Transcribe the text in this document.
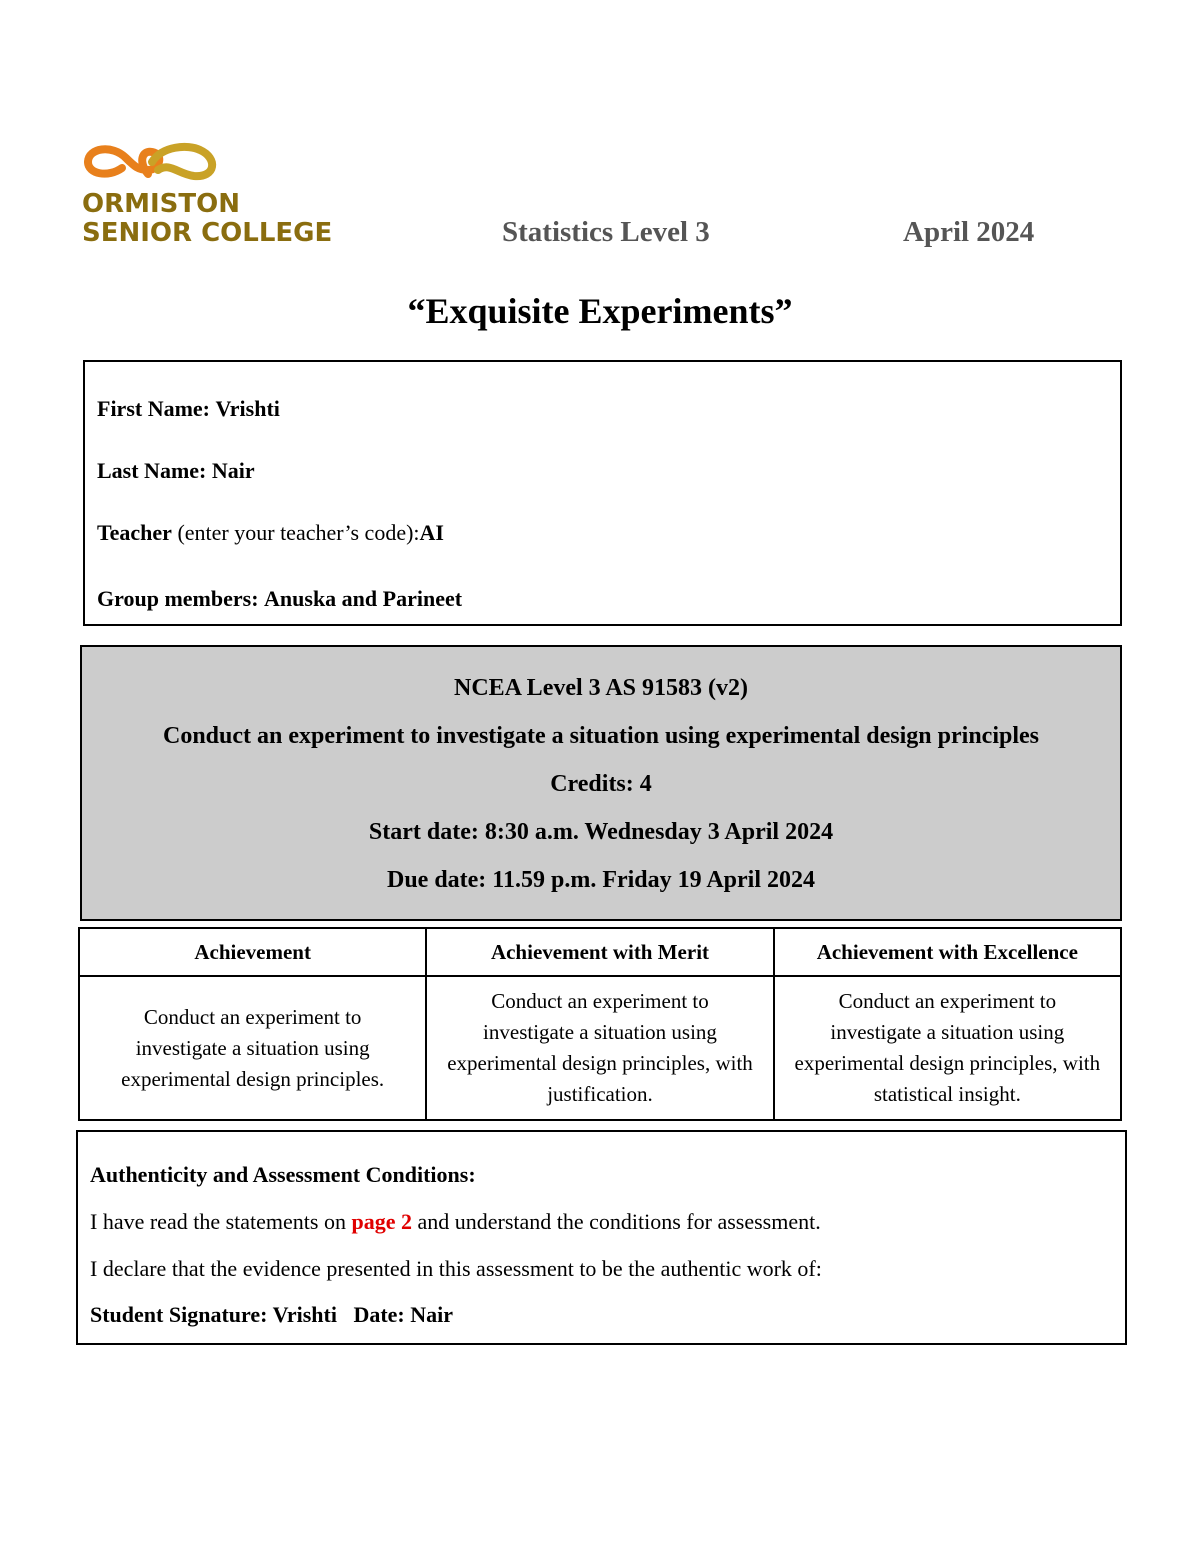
ORMISTON
SENIOR COLLEGE	Statistics Level 3	April 2024
“Exquisite Experiments”
First Name: Vrishti
Last Name: Nair
Teacher (enter your teacher’s code):AI
Group members: Anuska and Parineet
NCEA Level 3 AS 91583 (v2)
Conduct an experiment to investigate a situation using experimental design principles
Credits: 4
Start date: 8:30 a.m. Wednesday 3 April 2024
Due date: 11.59 p.m. Friday 19 April 2024
Achievement	Achievement with Merit	Achievement with Excellence
Conduct an experiment to investigate a situation using experimental design principles.	Conduct an experiment to investigate a situation using experimental design principles, with justification.	Conduct an experiment to investigate a situation using experimental design principles, with statistical insight.
Authenticity and Assessment Conditions:
I have read the statements on page 2 and understand the conditions for assessment.
I declare that the evidence presented in this assessment to be the authentic work of:
Student Signature: Vrishti Date: Nair
